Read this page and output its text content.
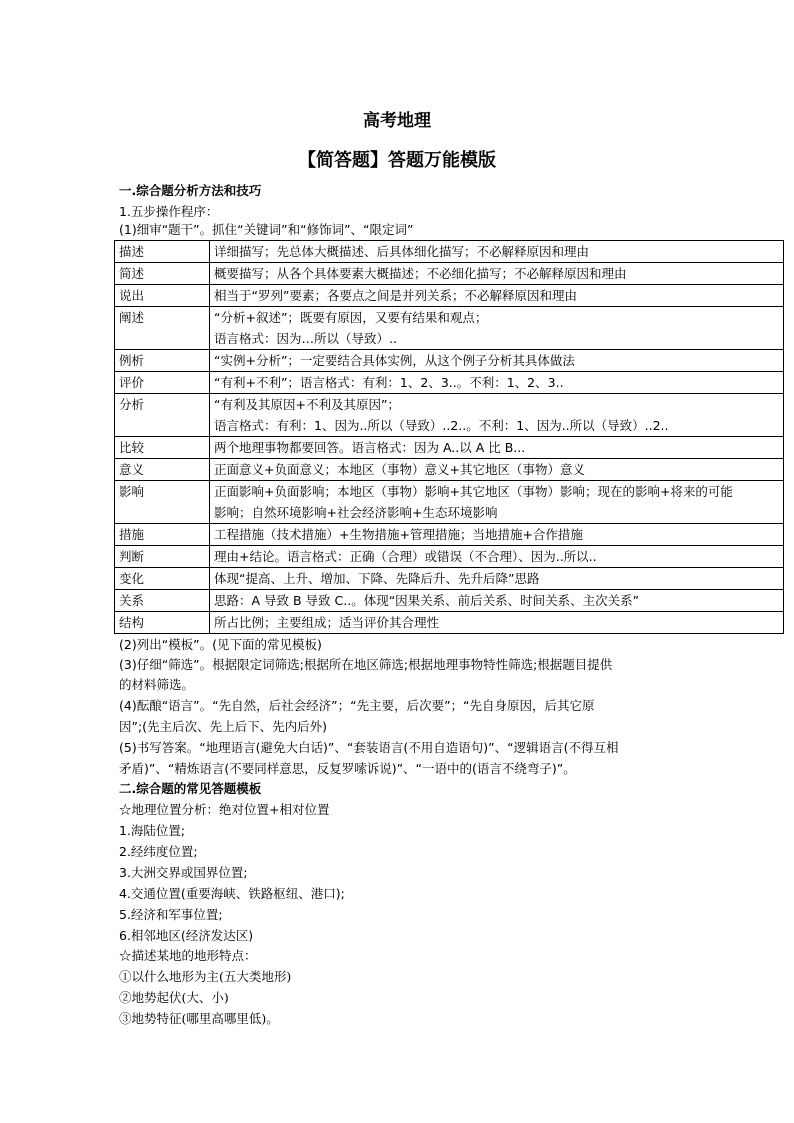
高考地理
【简答题】答题万能模版
一.综合题分析方法和技巧
1.五步操作程序：
(1)细审“题干”。抓住“关键词”和“修饰词”、“限定词”
描述	详细描写；先总体大概描述、后具体细化描写；不必解释原因和理由
简述	概要描写；从各个具体要素大概描述；不必细化描写；不必解释原因和理由
说出	相当于“罗列”要素；各要点之间是并列关系；不必解释原因和理由
阐述	“分析+叙述”；既要有原因，又要有结果和观点；
语言格式：因为…所以（导致）..
例析	“实例+分析”；一定要结合具体实例，从这个例子分析其具体做法
评价	“有利+不利”；语言格式：有利：1、2、3..。不利：1、2、3..
分析	“有利及其原因+不利及其原因”；
语言格式：有利：1、因为..所以（导致）..2..。不利：1、因为..所以（导致）..2..
比较	两个地理事物都要回答。语言格式：因为 A..以 A 比 B...
意义	正面意义+负面意义；本地区（事物）意义+其它地区（事物）意义
影响	正面影响+负面影响；本地区（事物）影响+其它地区（事物）影响；现在的影响+将来的可能
影响；自然环境影响+社会经济影响+生态环境影响
措施	工程措施（技术措施）+生物措施+管理措施；当地措施+合作措施
判断	理由+结论。语言格式：正确（合理）或错误（不合理）、因为..所以..
变化	体现“提高、上升、增加、下降、先降后升、先升后降”思路
关系	思路：A 导致 B 导致 C..。体现“因果关系、前后关系、时间关系、主次关系”
结构	所占比例；主要组成；适当评价其合理性
(2)列出“模板”。(见下面的常见模板)
(3)仔细“筛选”。根据限定词筛选;根据所在地区筛选;根据地理事物特性筛选;根据题目提供
的材料筛选。
(4)酝酿“语言”。“先自然，后社会经济”；“先主要，后次要”；“先自身原因，后其它原
因”;(先主后次、先上后下、先内后外)
(5)书写答案。“地理语言(避免大白话)”、“套装语言(不用自造语句)”、“逻辑语言(不得互相
矛盾)”、“精炼语言(不要同样意思，反复罗嗦诉说)”、“一语中的(语言不绕弯子)”。
二.综合题的常见答题模板
☆地理位置分析：绝对位置+相对位置
1.海陆位置;
2.经纬度位置;
3.大洲交界或国界位置;
4.交通位置(重要海峡、铁路枢纽、港口);
5.经济和军事位置;
6.相邻地区(经济发达区)
☆描述某地的地形特点：
①以什么地形为主(五大类地形)
②地势起伏(大、小)
③地势特征(哪里高哪里低)。
